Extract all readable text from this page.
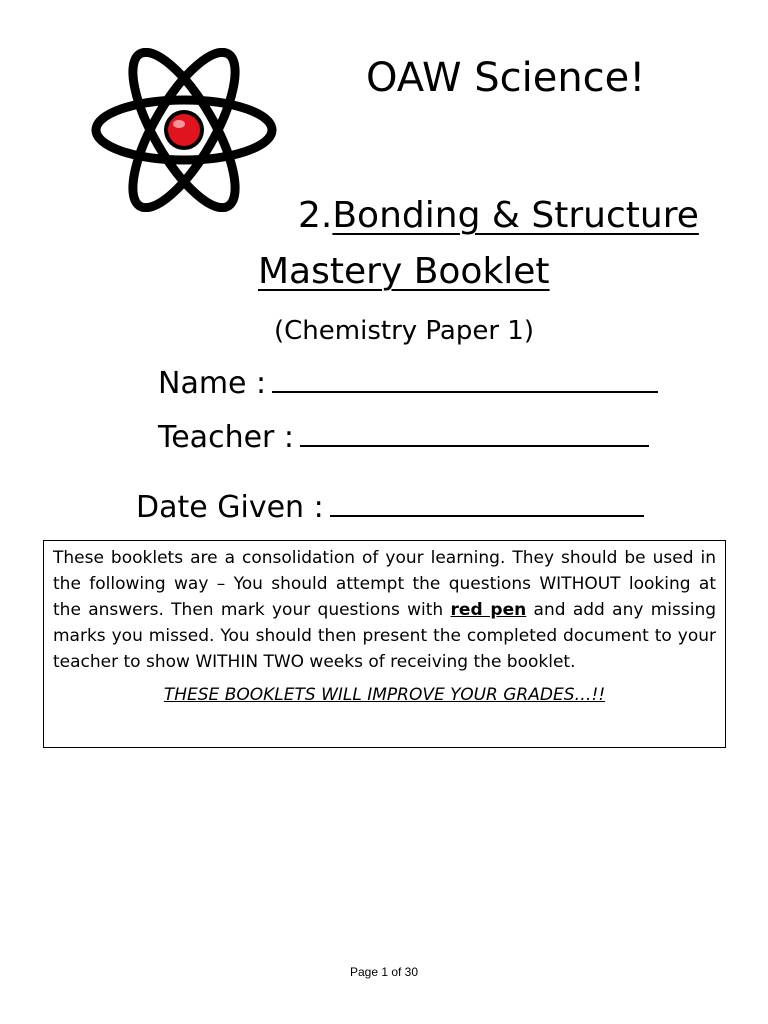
OAW Science!
2.Bonding & Structure
Mastery Booklet
(Chemistry Paper 1)
Name :
Teacher :
Date Given :

These booklets are a consolidation of your learning. They should be used in the following way – You should attempt the questions WITHOUT looking at the answers. Then mark your questions with red pen and add any missing marks you missed. You should then present the completed document to your teacher to show WITHIN TWO weeks of receiving the booklet.

THESE BOOKLETS WILL IMPROVE YOUR GRADES…!!
Page 1 of 30
